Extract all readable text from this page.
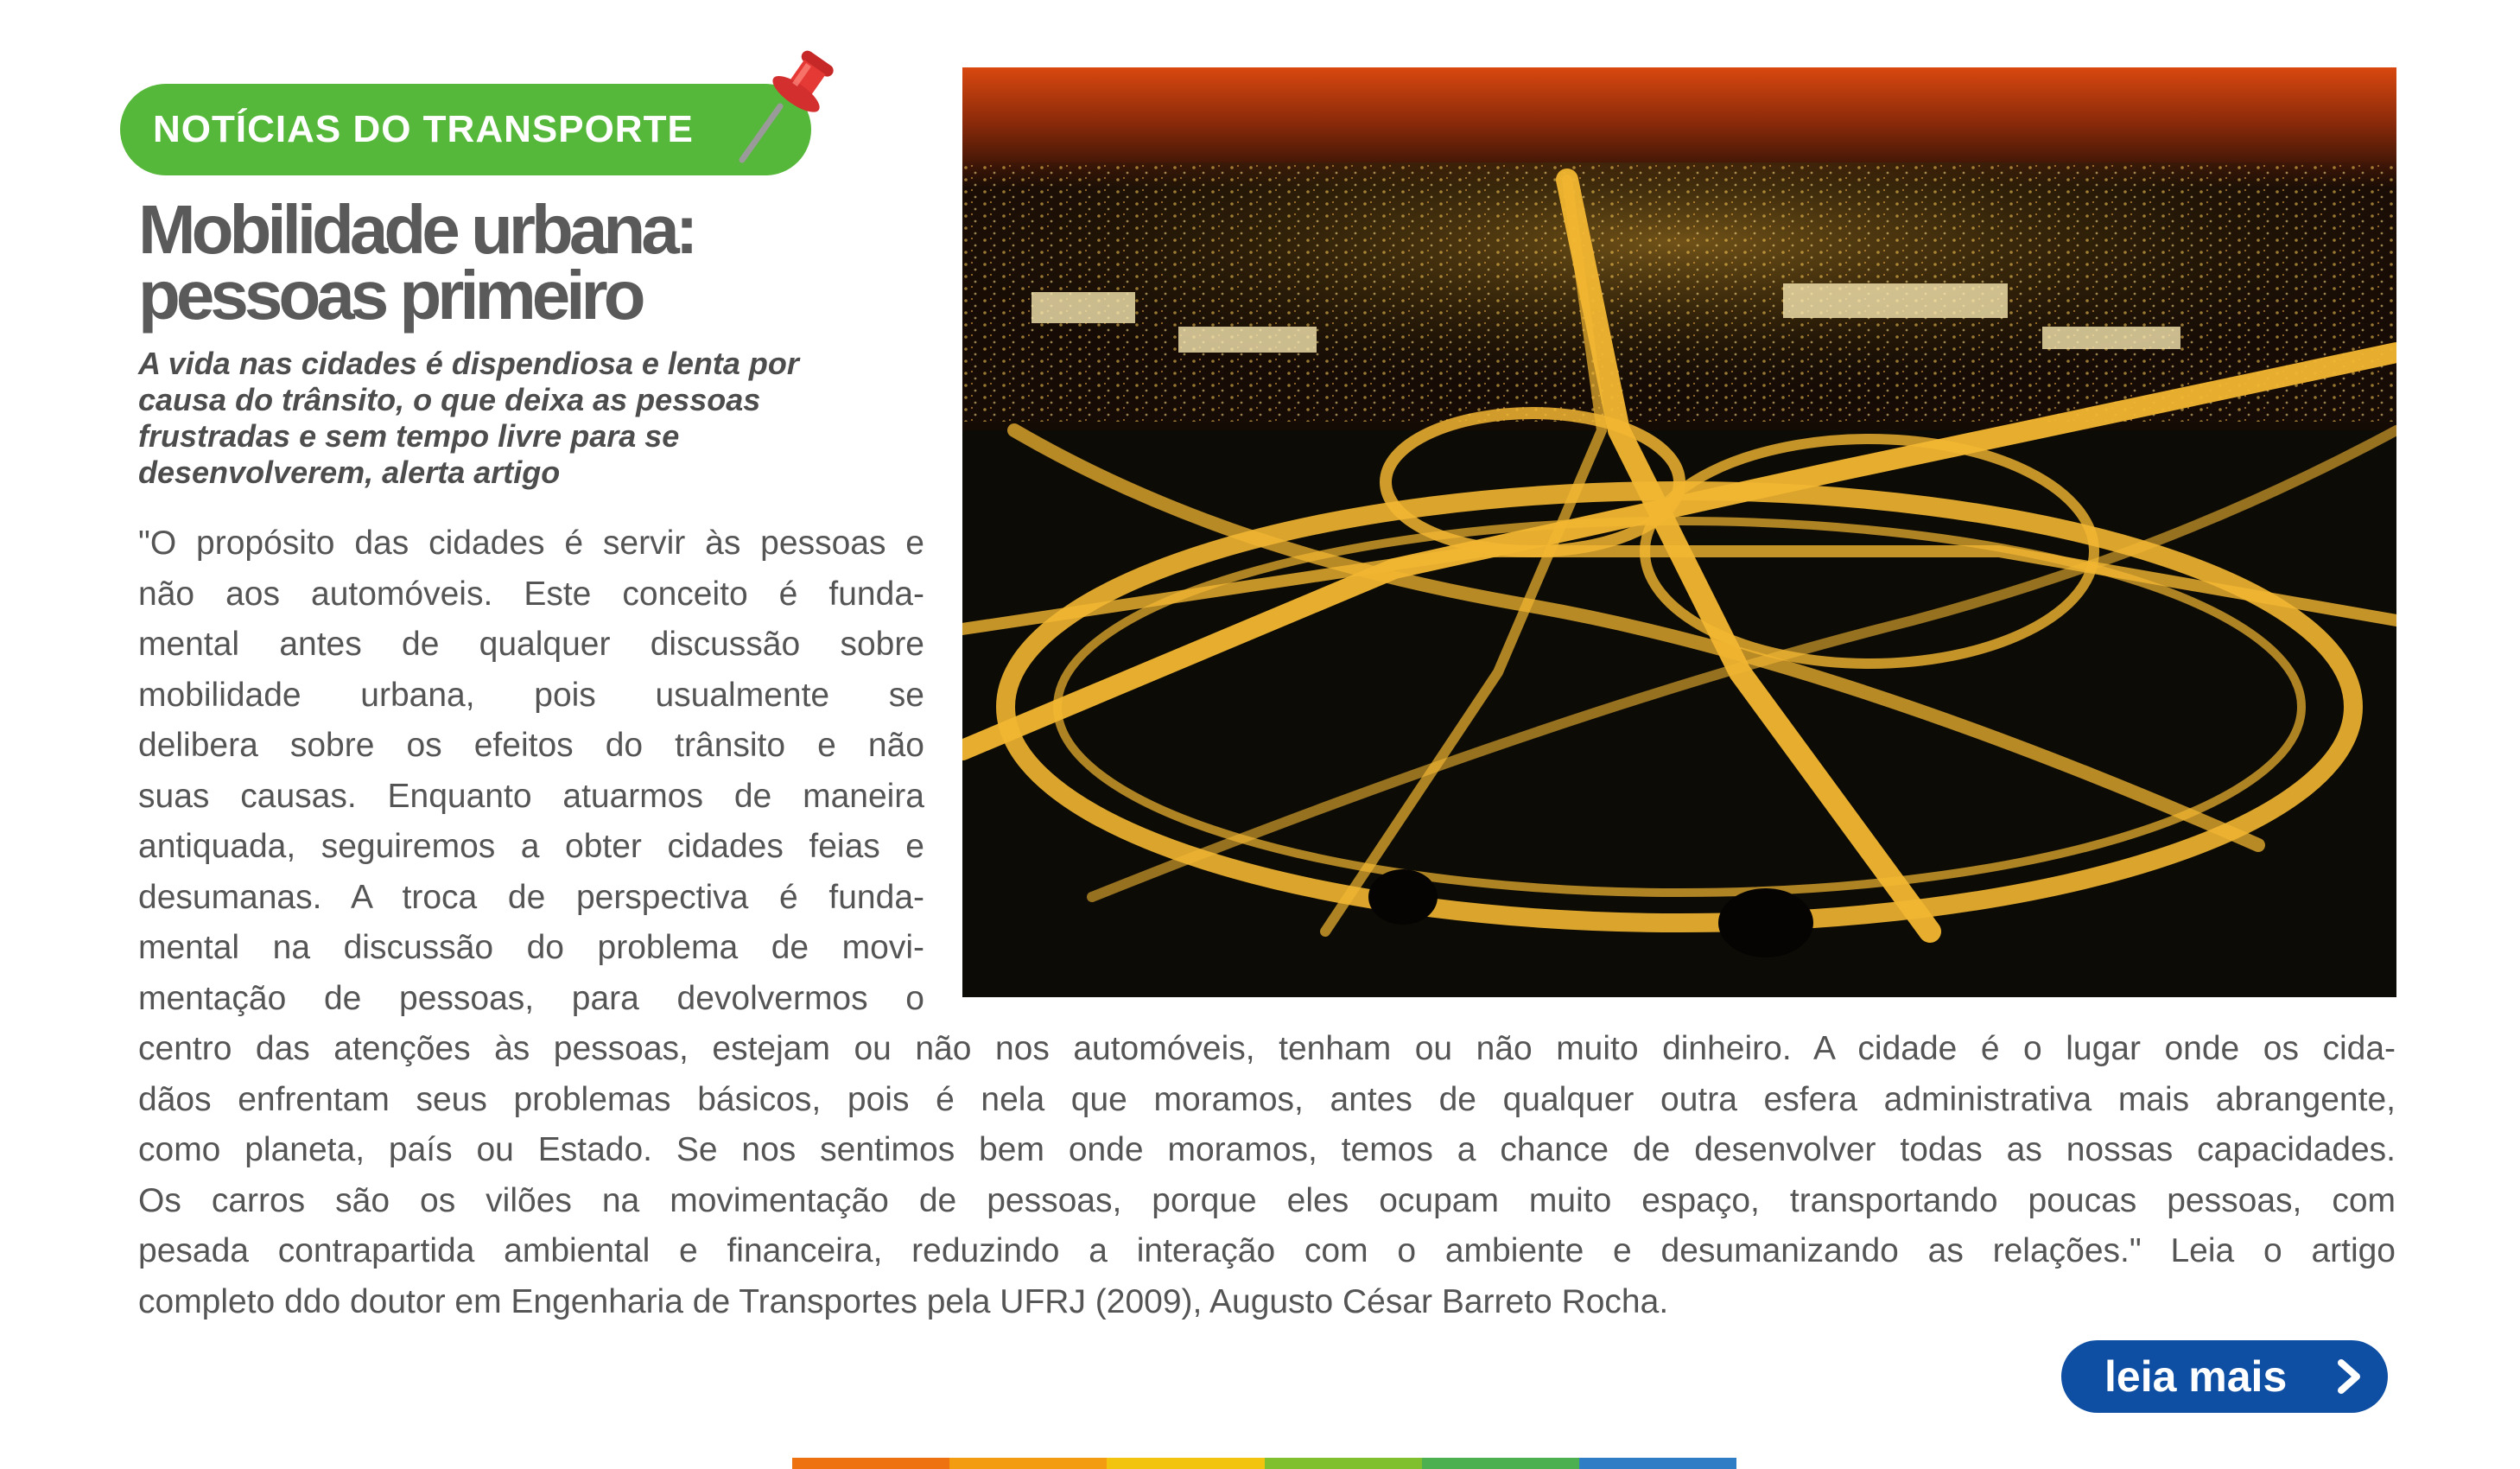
NOTÍCIAS DO TRANSPORTE
Mobilidade urbana: pessoas primeiro

A vida nas cidades é dispendiosa e lenta por causa do trânsito, o que deixa as pessoas frustradas e sem tempo livre para se desenvolverem, alerta artigo

"O propósito das cidades é servir às pessoas e
não aos automóveis. Este conceito é funda-
mental antes de qualquer discussão sobre
mobilidade urbana, pois usualmente se
delibera sobre os efeitos do trânsito e não
suas causas. Enquanto atuarmos de maneira
antiquada, seguiremos a obter cidades feias e
desumanas. A troca de perspectiva é funda-
mental na discussão do problema de movi-
mentação de pessoas, para devolvermos o
centro das atenções às pessoas, estejam ou não nos automóveis, tenham ou não muito dinheiro. A cidade é o lugar onde os cida-
dãos enfrentam seus problemas básicos, pois é nela que moramos, antes de qualquer outra esfera administrativa mais abrangente,
como planeta, país ou Estado. Se nos sentimos bem onde moramos, temos a chance de desenvolver todas as nossas capacidades.
Os carros são os vilões na movimentação de pessoas, porque eles ocupam muito espaço, transportando poucas pessoas, com
pesada contrapartida ambiental e financeira, reduzindo a interação com o ambiente e desumanizando as relações." Leia o artigo
completo ddo doutor em Engenharia de Transportes pela UFRJ (2009), Augusto César Barreto Rocha.
leia mais
